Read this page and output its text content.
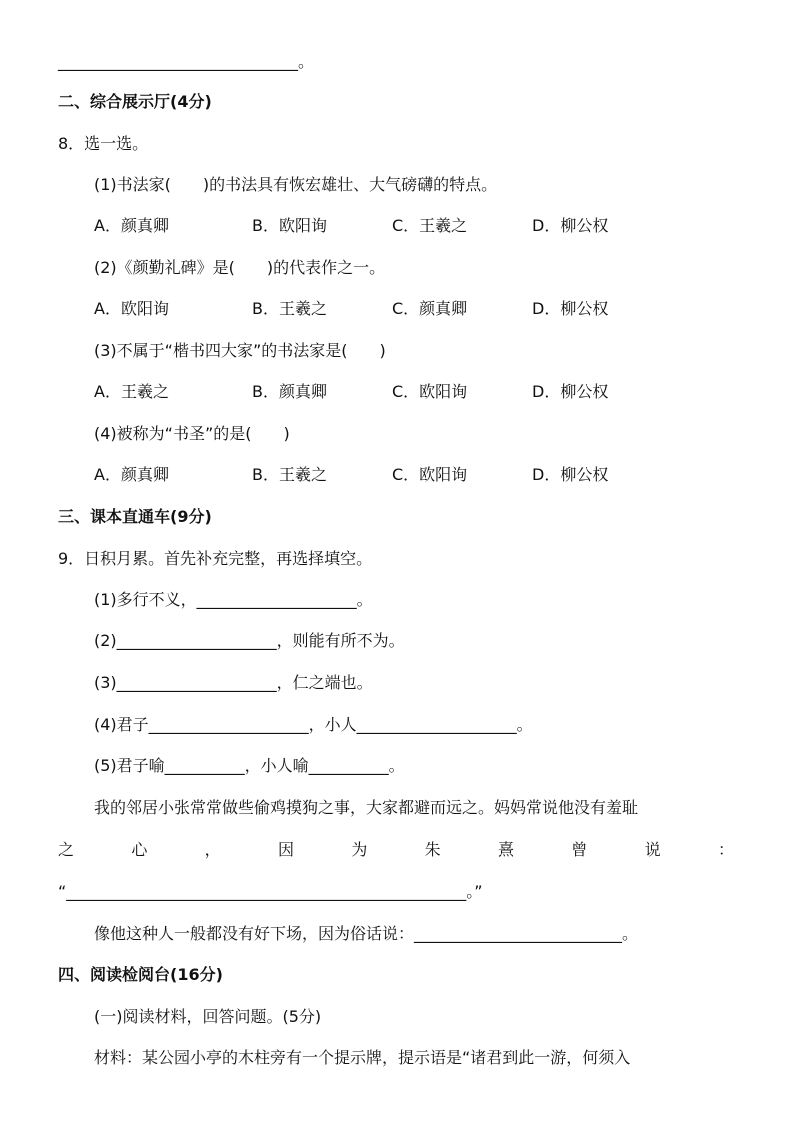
______________________________。
二、综合展示厅(4分)
8．选一选。
(1)书法家(　　)的书法具有恢宏雄壮、大气磅礴的特点。
A．颜真卿	B．欧阳询	C．王羲之	D．柳公权
(2)《颜勤礼碑》是(　　)的代表作之一。
A．欧阳询	B．王羲之	C．颜真卿	D．柳公权
(3)不属于“楷书四大家”的书法家是(　　)
A．王羲之	B．颜真卿	C．欧阳询	D．柳公权
(4)被称为“书圣”的是(　　)
A．颜真卿	B．王羲之	C．欧阳询	D．柳公权
三、课本直通车(9分)
9．日积月累。首先补充完整，再选择填空。
(1)多行不义，____________________。
(2)____________________，则能有所不为。
(3)____________________，仁之端也。
(4)君子____________________，小人____________________。
(5)君子喻__________，小人喻__________。
我的邻居小张常常做些偷鸡摸狗之事，大家都避而远之。妈妈常说他没有羞耻
之	心	，	因	为	朱	熹	曾	说	：
“__________________________________________________。”
像他这种人一般都没有好下场，因为俗话说：__________________________。
四、阅读检阅台(16分)
(一)阅读材料，回答问题。(5分)
材料：某公园小亭的木柱旁有一个提示牌，提示语是“诸君到此一游，何须入
